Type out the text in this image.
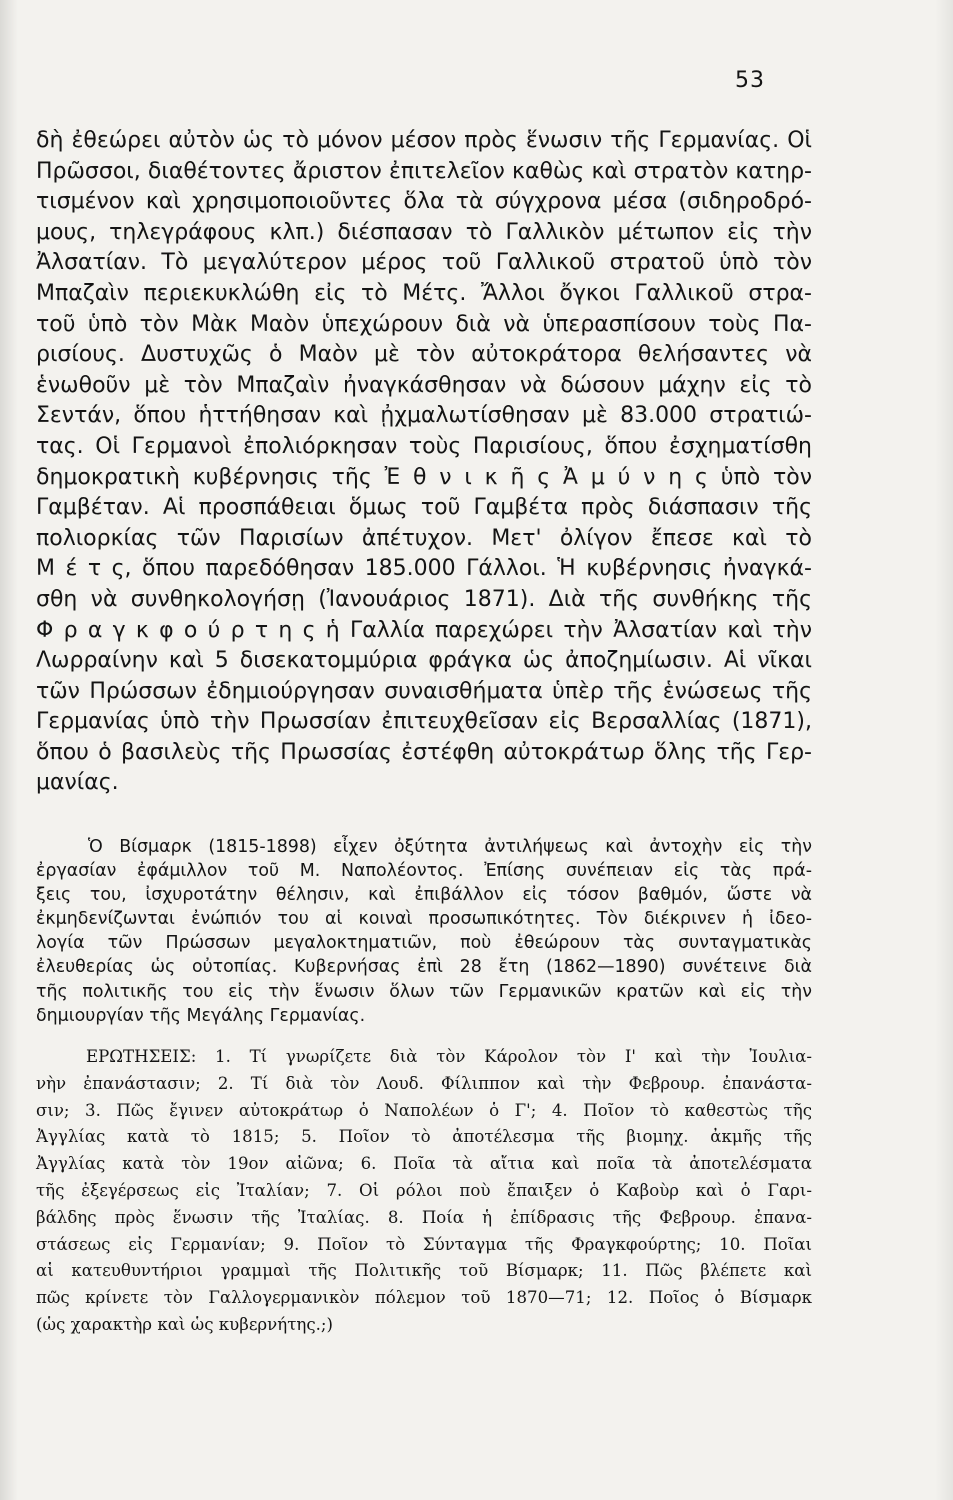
53
δὴ ἐθεώρει αὐτὸν ὡς τὸ μόνον μέσον πρὸς ἕνωσιν τῆς Γερμανίας. Οἱ
Πρῶσσοι, διαθέτοντες ἄριστον ἐπιτελεῖον καθὼς καὶ στρατὸν κατηρ-
τισμένον καὶ χρησιμοποιοῦντες ὅλα τὰ σύγχρονα μέσα (σιδηροδρό-
μους, τηλεγράφους κλπ.) διέσπασαν τὸ Γαλλικὸν μέτωπον εἰς τὴν
Ἀλσατίαν. Τὸ μεγαλύτερον μέρος τοῦ Γαλλικοῦ στρατοῦ ὑπὸ τὸν
Μπαζαὶν περιεκυκλώθη εἰς τὸ Μέτς. Ἄλλοι ὄγκοι Γαλλικοῦ στρα-
τοῦ ὑπὸ τὸν Μὰκ Μαὸν ὑπεχώρουν διὰ νὰ ὑπερασπίσουν τοὺς Πα-
ρισίους. Δυστυχῶς ὁ Μαὸν μὲ τὸν αὐτοκράτορα θελήσαντες νὰ
ἑνωθοῦν μὲ τὸν Μπαζαὶν ἠναγκάσθησαν νὰ δώσουν μάχην εἰς τὸ
Σεντάν, ὅπου ἡττήθησαν καὶ ᾐχμαλωτίσθησαν μὲ 83.000 στρατιώ-
τας. Οἱ Γερμανοὶ ἐπολιόρκησαν τοὺς Παρισίους, ὅπου ἐσχηματίσθη
δημοκρατικὴ κυβέρνησις τῆς Ἐ θ ν ι κ ῆ ς Ἀ μ ύ ν η ς ὑπὸ τὸν
Γαμβέταν. Αἱ προσπάθειαι ὅμως τοῦ Γαμβέτα πρὸς διάσπασιν τῆς
πολιορκίας τῶν Παρισίων ἀπέτυχον. Μετ' ὀλίγον ἔπεσε καὶ τὸ
Μ έ τ ς, ὅπου παρεδόθησαν 185.000 Γάλλοι. Ἡ κυβέρνησις ἠναγκά-
σθη νὰ συνθηκολογήσῃ (Ἰανουάριος 1871). Διὰ τῆς συνθήκης τῆς
Φ ρ α γ κ φ ο ύ ρ τ η ς ἡ Γαλλία παρεχώρει τὴν Ἀλσατίαν καὶ τὴν
Λωρραίνην καὶ 5 δισεκατομμύρια φράγκα ὡς ἀποζημίωσιν. Αἱ νῖκαι
τῶν Πρώσσων ἐδημιούργησαν συναισθήματα ὑπὲρ τῆς ἑνώσεως τῆς
Γερμανίας ὑπὸ τὴν Πρωσσίαν ἐπιτευχθεῖσαν εἰς Βερσαλλίας (1871),
ὅπου ὁ βασιλεὺς τῆς Πρωσσίας ἐστέφθη αὐτοκράτωρ ὅλης τῆς Γερ-
μανίας.
Ὁ Βίσμαρκ (1815-1898) εἶχεν ὀξύτητα ἀντιλήψεως καὶ ἀντοχὴν εἰς τὴν
ἐργασίαν ἐφάμιλλον τοῦ Μ. Ναπολέοντος. Ἐπίσης συνέπειαν εἰς τὰς πρά-
ξεις του, ἰσχυροτάτην θέλησιν, καὶ ἐπιβάλλον εἰς τόσον βαθμόν, ὥστε νὰ
ἐκμηδενίζωνται ἐνώπιόν του αἱ κοιναὶ προσωπικότητες. Τὸν διέκρινεν ἡ ἰδεο-
λογία τῶν Πρώσσων μεγαλοκτηματιῶν, ποὺ ἐθεώρουν τὰς συνταγματικὰς
ἐλευθερίας ὡς οὐτοπίας. Κυβερνήσας ἐπὶ 28 ἔτη (1862—1890) συνέτεινε διὰ
τῆς πολιτικῆς του εἰς τὴν ἕνωσιν ὅλων τῶν Γερμανικῶν κρατῶν καὶ εἰς τὴν
δημιουργίαν τῆς Μεγάλης Γερμανίας.
ΕΡΩΤΗΣΕΙΣ: 1. Τί γνωρίζετε διὰ τὸν Κάρολον τὸν Ι' καὶ τὴν Ἰουλια-
νὴν ἐπανάστασιν; 2. Τί διὰ τὸν Λουδ. Φίλιππον καὶ τὴν Φεβρουρ. ἐπανάστα-
σιν; 3. Πῶς ἔγινεν αὐτοκράτωρ ὁ Ναπολέων ὁ Γ'; 4. Ποῖον τὸ καθεστὼς τῆς
Ἀγγλίας κατὰ τὸ 1815; 5. Ποῖον τὸ ἀποτέλεσμα τῆς βιομηχ. ἀκμῆς τῆς
Ἀγγλίας κατὰ τὸν 19ον αἰῶνα; 6. Ποῖα τὰ αἴτια καὶ ποῖα τὰ ἀποτελέσματα
τῆς ἐξεγέρσεως εἰς Ἰταλίαν; 7. Οἱ ρόλοι ποὺ ἔπαιξεν ὁ Καβοὺρ καὶ ὁ Γαρι-
βάλδης πρὸς ἕνωσιν τῆς Ἰταλίας. 8. Ποία ἡ ἐπίδρασις τῆς Φεβρουρ. ἐπανα-
στάσεως εἰς Γερμανίαν; 9. Ποῖον τὸ Σύνταγμα τῆς Φραγκφούρτης; 10. Ποῖαι
αἱ κατευθυντήριοι γραμμαὶ τῆς Πολιτικῆς τοῦ Βίσμαρκ; 11. Πῶς βλέπετε καὶ
πῶς κρίνετε τὸν Γαλλογερμανικὸν πόλεμον τοῦ 1870—71; 12. Ποῖος ὁ Βίσμαρκ
(ὡς χαρακτὴρ καὶ ὡς κυβερνήτης.;)
